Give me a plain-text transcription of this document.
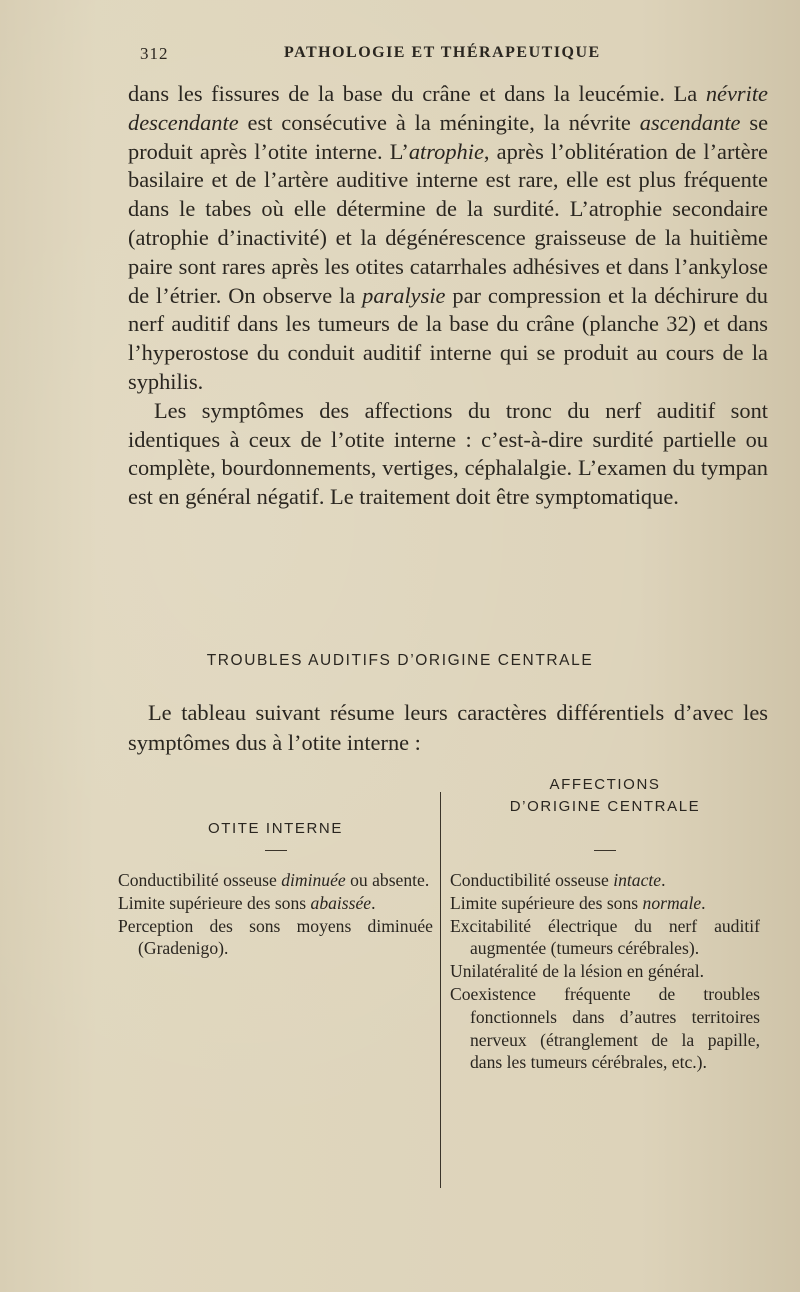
312	PATHOLOGIE ET THÉRAPEUTIQUE

dans les fissures de la base du crâne et dans la leucémie. La névrite descendante est consécutive à la méningite, la névrite ascendante se produit après l’otite interne. L’atrophie, après l’oblitération de l’artère basilaire et de l’artère auditive interne est rare, elle est plus fréquente dans le tabes où elle détermine de la surdité. L’atrophie secondaire (atrophie d’inactivité) et la dégénérescence graisseuse de la huitième paire sont rares après les otites catarrhales adhésives et dans l’ankylose de l’étrier. On observe la paralysie par compression et la déchirure du nerf auditif dans les tumeurs de la base du crâne (planche 32) et dans l’hyperostose du conduit auditif interne qui se produit au cours de la syphilis.

Les symptômes des affections du tronc du nerf auditif sont identiques à ceux de l’otite interne : c’est-à-dire surdité partielle ou complète, bourdonnements, vertiges, céphalalgie. L’examen du tympan est en général négatif. Le traitement doit être symptomatique.

TROUBLES AUDITIFS D’ORIGINE CENTRALE

Le tableau suivant résume leurs caractères différentiels d’avec les symptômes dus à l’otite interne :

OTITE INTERNE

Conductibilité osseuse diminuée ou absente.

Limite supérieure des sons abaissée.

Perception des sons moyens diminuée (Gradenigo).

AFFECTIONS
D’ORIGINE CENTRALE

Conductibilité osseuse intacte.

Limite supérieure des sons normale.

Excitabilité électrique du nerf auditif augmentée (tumeurs cérébrales).

Unilatéralité de la lésion en général.

Coexistence fréquente de troubles fonctionnels dans d’autres territoires nerveux (étranglement de la papille, dans les tumeurs cérébrales, etc.).
